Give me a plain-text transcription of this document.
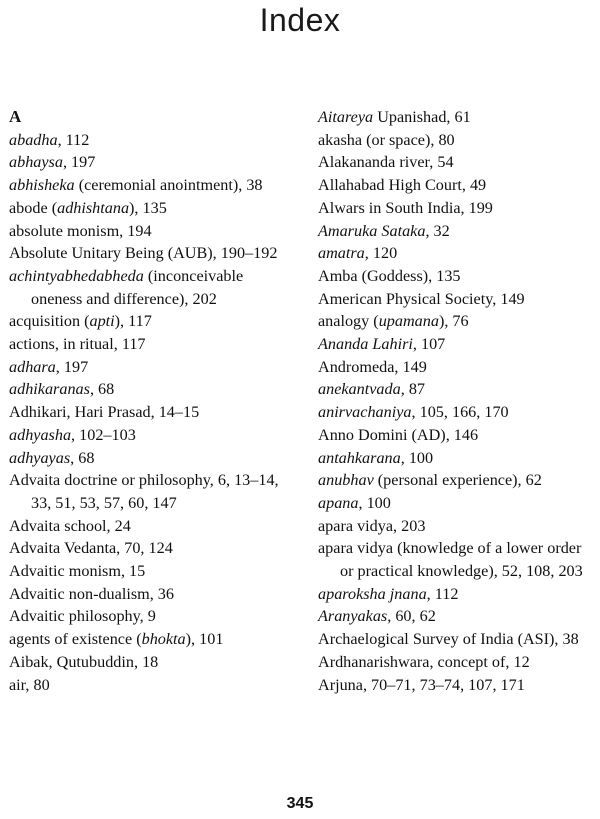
Index
A
abadha, 112
abhaysa, 197
abhisheka (ceremonial anointment), 38
abode (adhishtana), 135
absolute monism, 194
Absolute Unitary Being (AUB), 190–192
achintyabhedabheda (inconceivable oneness and difference), 202
acquisition (apti), 117
actions, in ritual, 117
adhara, 197
adhikaranas, 68
Adhikari, Hari Prasad, 14–15
adhyasha, 102–103
adhyayas, 68
Advaita doctrine or philosophy, 6, 13–14, 33, 51, 53, 57, 60, 147
Advaita school, 24
Advaita Vedanta, 70, 124
Advaitic monism, 15
Advaitic non-dualism, 36
Advaitic philosophy, 9
agents of existence (bhokta), 101
Aibak, Qutubuddin, 18
air, 80
Aitareya Upanishad, 61
akasha (or space), 80
Alakananda river, 54
Allahabad High Court, 49
Alwars in South India, 199
Amaruka Sataka, 32
amatra, 120
Amba (Goddess), 135
American Physical Society, 149
analogy (upamana), 76
Ananda Lahiri, 107
Andromeda, 149
anekantvada, 87
anirvachaniya, 105, 166, 170
Anno Domini (AD), 146
antahkarana, 100
anubhav (personal experience), 62
apana, 100
apara vidya, 203
apara vidya (knowledge of a lower order or practical knowledge), 52, 108, 203
aparoksha jnana, 112
Aranyakas, 60, 62
Archaelogical Survey of India (ASI), 38
Ardhanarishwara, concept of, 12
Arjuna, 70–71, 73–74, 107, 171
345
